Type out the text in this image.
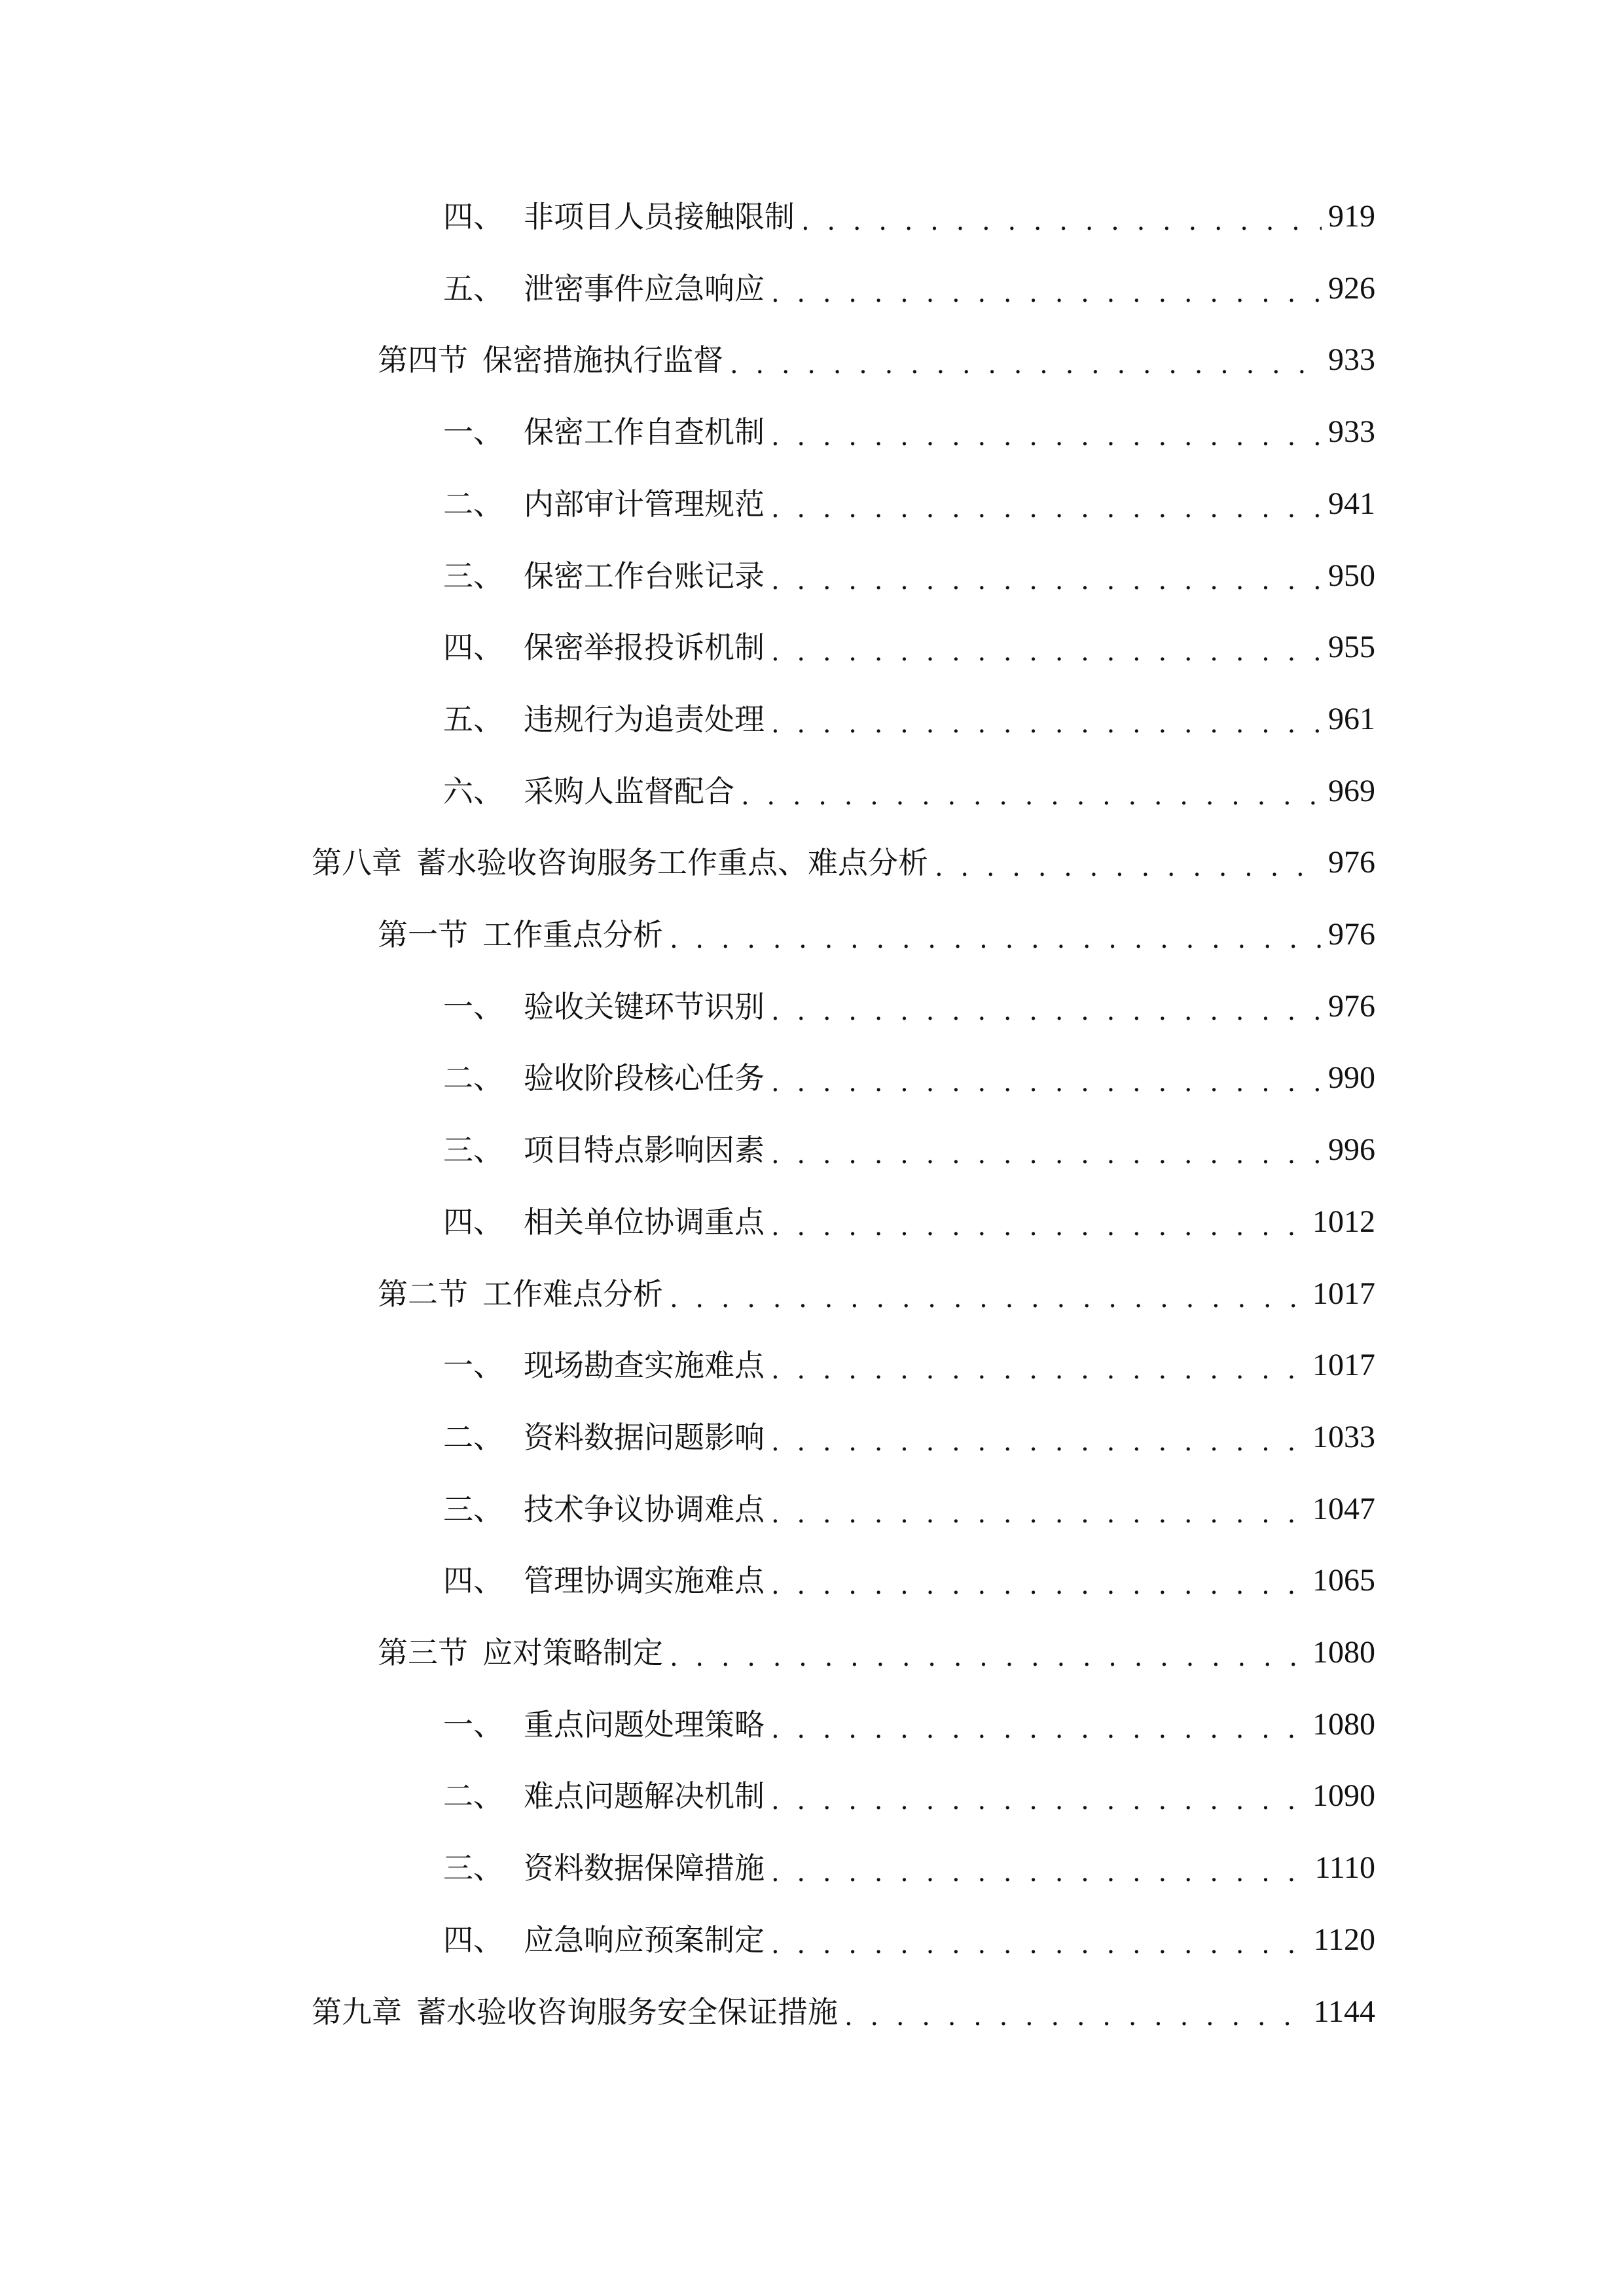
四、 非项目人员接触限制 . . .	919
五、 泄密事件应急响应 . . .	926
第四节 保密措施执行监督 . . .	933
一、 保密工作自查机制 . . .	933
二、 内部审计管理规范 . . .	941
三、 保密工作台账记录 . . .	950
四、 保密举报投诉机制 . . .	955
五、 违规行为追责处理 . . .	961
六、 采购人监督配合 . . .	969
第八章 蓄水验收咨询服务工作重点、难点分析 . . .	976
第一节 工作重点分析 . . .	976
一、 验收关键环节识别 . . .	976
二、 验收阶段核心任务 . . .	990
三、 项目特点影响因素 . . .	996
四、 相关单位协调重点 . . .	1012
第二节 工作难点分析 . . .	1017
一、 现场勘查实施难点 . . .	1017
二、 资料数据问题影响 . . .	1033
三、 技术争议协调难点 . . .	1047
四、 管理协调实施难点 . . .	1065
第三节 应对策略制定 . . .	1080
一、 重点问题处理策略 . . .	1080
二、 难点问题解决机制 . . .	1090
三、 资料数据保障措施 . . .	1110
四、 应急响应预案制定 . . .	1120
第九章 蓄水验收咨询服务安全保证措施 . . .	1144
